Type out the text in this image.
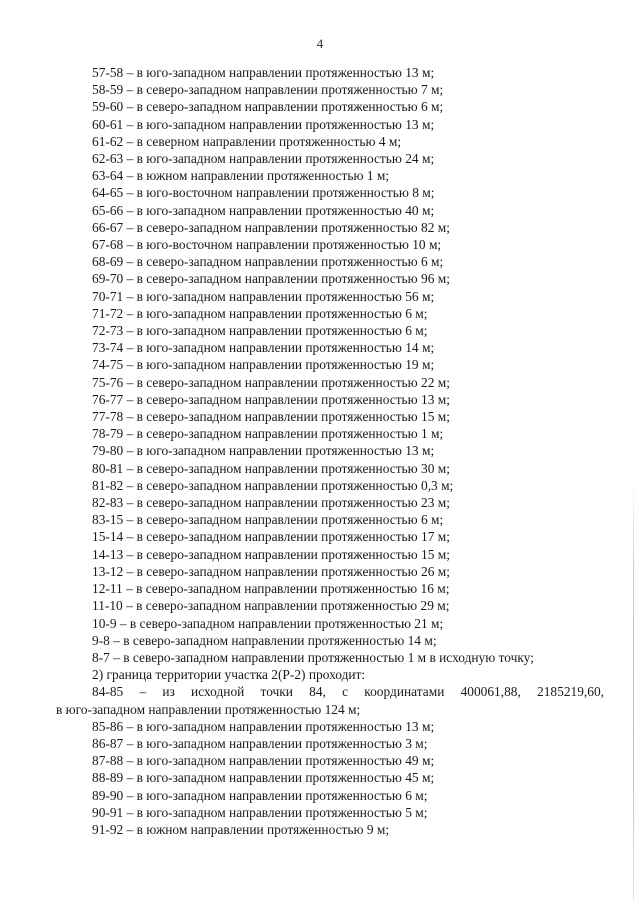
4
57-58 – в юго-западном направлении протяженностью 13 м;
58-59 – в северо-западном направлении протяженностью 7 м;
59-60 – в северо-западном направлении протяженностью 6 м;
60-61 – в юго-западном направлении протяженностью 13 м;
61-62 – в северном направлении протяженностью 4 м;
62-63 – в юго-западном направлении протяженностью 24 м;
63-64 – в южном направлении протяженностью 1 м;
64-65 – в юго-восточном направлении протяженностью 8 м;
65-66 – в юго-западном направлении протяженностью 40 м;
66-67 – в северо-западном направлении протяженностью 82 м;
67-68 – в юго-восточном направлении протяженностью 10 м;
68-69 – в северо-западном направлении протяженностью 6 м;
69-70 – в северо-западном направлении протяженностью 96 м;
70-71 – в юго-западном направлении протяженностью 56 м;
71-72 – в юго-западном направлении протяженностью 6 м;
72-73 – в юго-западном направлении протяженностью 6 м;
73-74 – в юго-западном направлении протяженностью 14 м;
74-75 – в юго-западном направлении протяженностью 19 м;
75-76 – в северо-западном направлении протяженностью 22 м;
76-77 – в северо-западном направлении протяженностью 13 м;
77-78 – в северо-западном направлении протяженностью 15 м;
78-79 – в северо-западном направлении протяженностью 1 м;
79-80 – в юго-западном направлении протяженностью 13 м;
80-81 – в северо-западном направлении протяженностью 30 м;
81-82 – в северо-западном направлении протяженностью 0,3 м;
82-83 – в северо-западном направлении протяженностью 23 м;
83-15 – в северо-западном направлении протяженностью 6 м;
15-14 – в северо-западном направлении протяженностью 17 м;
14-13 – в северо-западном направлении протяженностью 15 м;
13-12 – в северо-западном направлении протяженностью 26 м;
12-11 – в северо-западном направлении протяженностью 16 м;
11-10 – в северо-западном направлении протяженностью 29 м;
10-9 – в северо-западном направлении протяженностью 21 м;
9-8 – в северо-западном направлении протяженностью 14 м;
8-7 – в северо-западном направлении протяженностью 1 м в исходную точку;
2) граница территории участка 2(Р-2) проходит:
84-85 – из исходной точки 84, с координатами 400061,88, 2185219,60,
в юго-западном направлении протяженностью 124 м;
85-86 – в юго-западном направлении протяженностью 13 м;
86-87 – в юго-западном направлении протяженностью 3 м;
87-88 – в юго-западном направлении протяженностью 49 м;
88-89 – в юго-западном направлении протяженностью 45 м;
89-90 – в юго-западном направлении протяженностью 6 м;
90-91 – в юго-западном направлении протяженностью 5 м;
91-92 – в южном направлении протяженностью 9 м;
